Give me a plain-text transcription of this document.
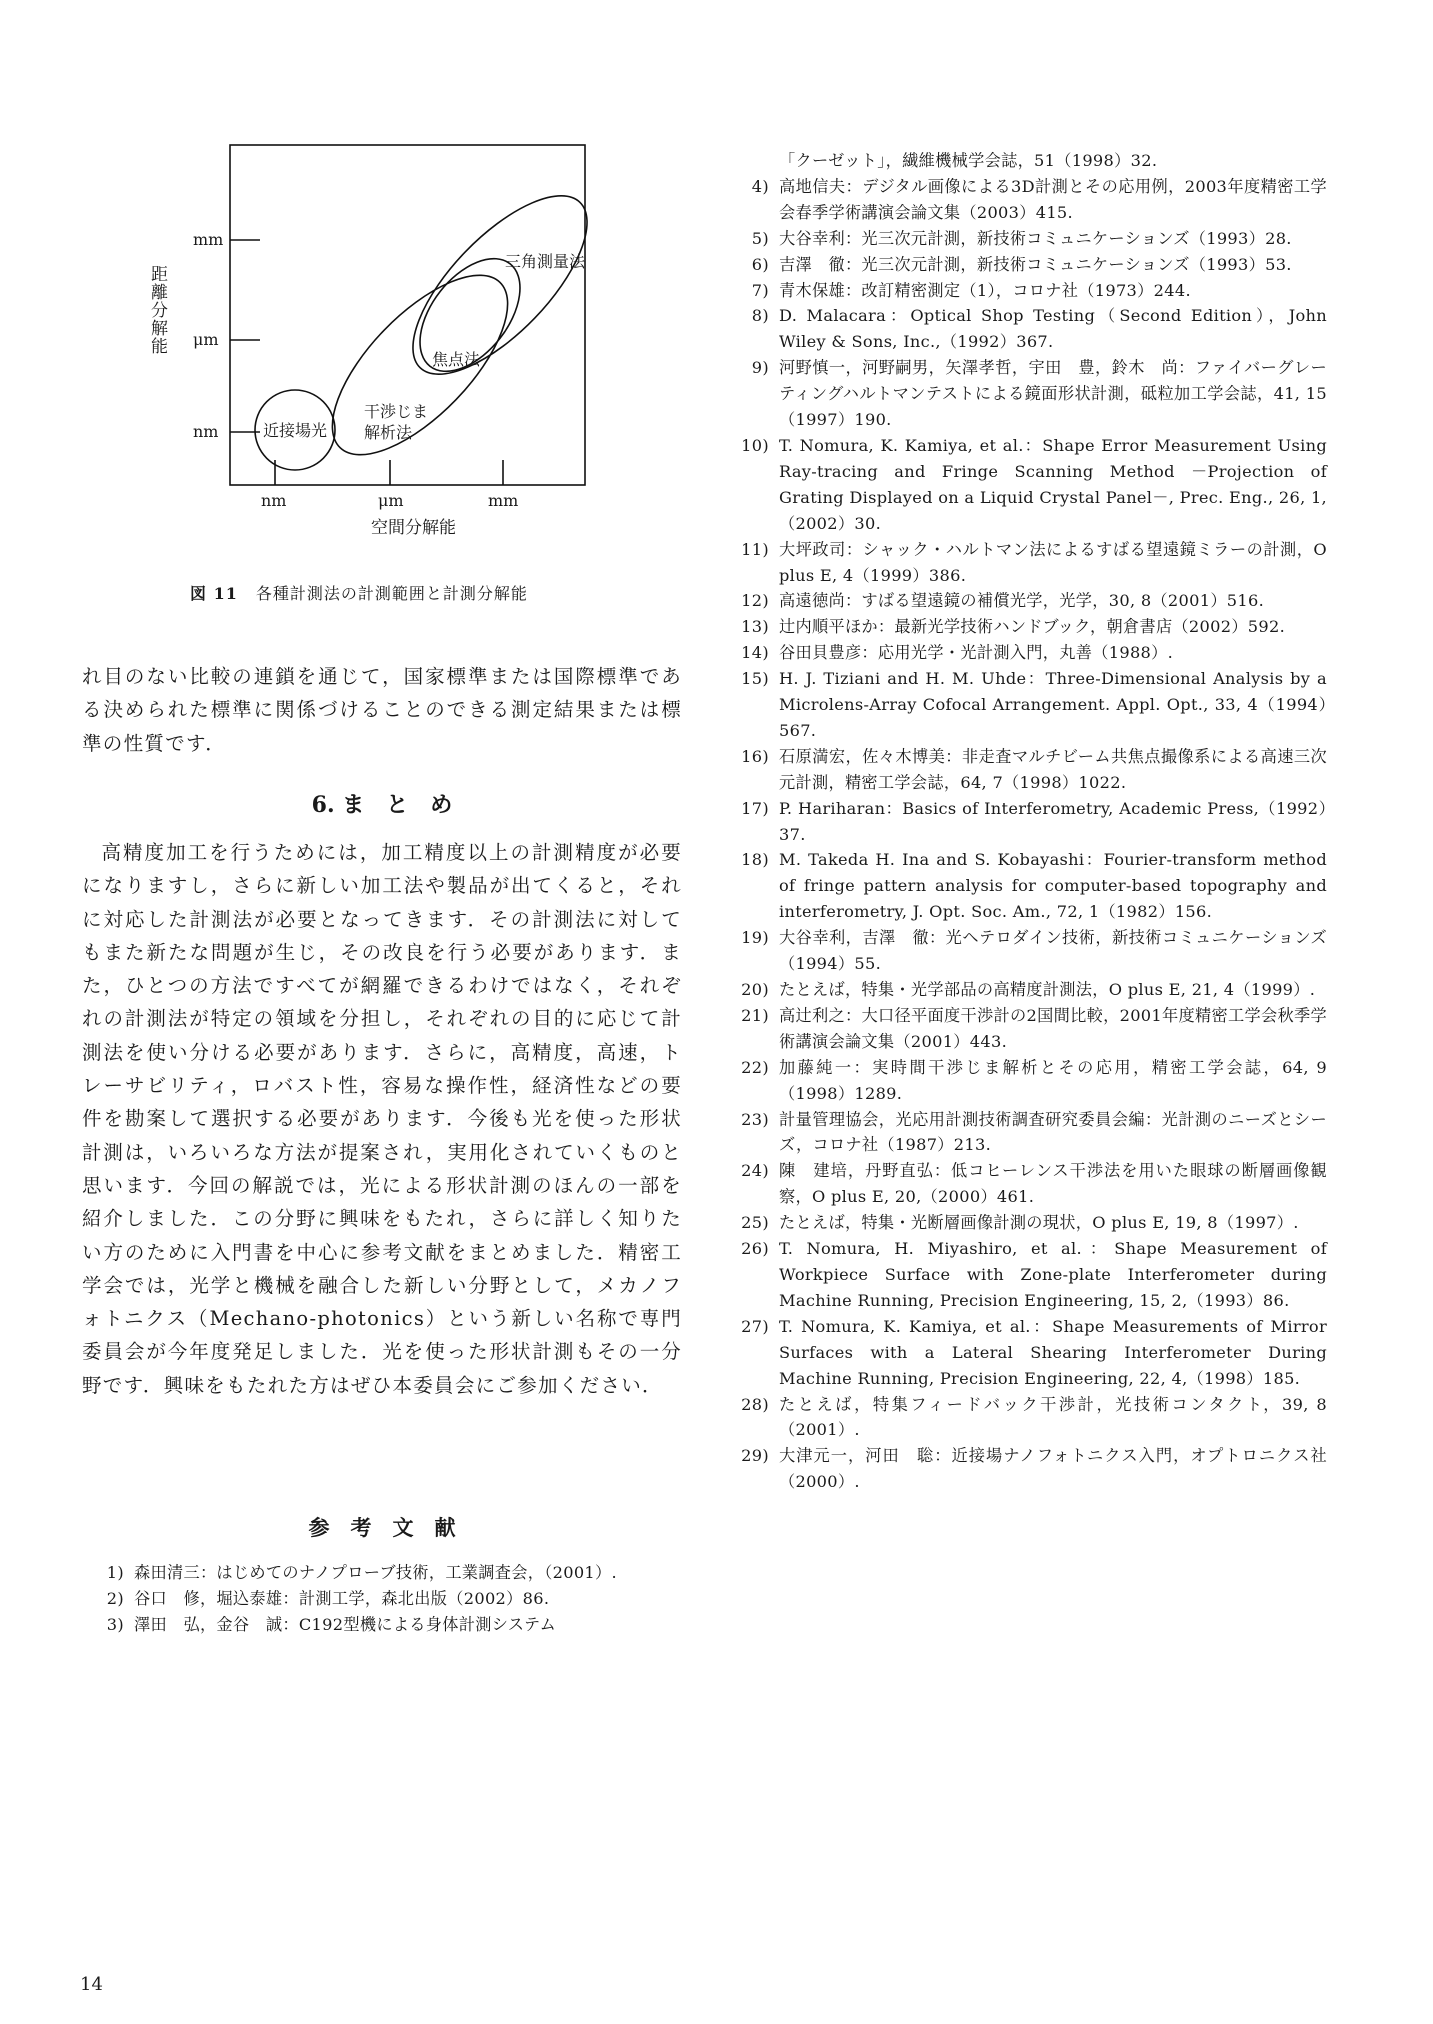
距離分解能
mm
μm
nm
nm	μm	mm
空間分解能
三角測量法
焦点法
干渉じま
解析法
近接場光
図 11 各種計測法の計測範囲と計測分解能

れ目のない比較の連鎖を通じて，国家標準または国際標準である決められた標準に関係づけることのできる測定結果または標準の性質です．

6. ま　と　め

高精度加工を行うためには，加工精度以上の計測精度が必要になりますし，さらに新しい加工法や製品が出てくると，それに対応した計測法が必要となってきます．その計測法に対してもまた新たな問題が生じ，その改良を行う必要があります．また，ひとつの方法ですべてが網羅できるわけではなく，それぞれの計測法が特定の領域を分担し，それぞれの目的に応じて計測法を使い分ける必要があります．さらに，高精度，高速，トレーサビリティ，ロバスト性，容易な操作性，経済性などの要件を勘案して選択する必要があります．今後も光を使った形状計測は，いろいろな方法が提案され，実用化されていくものと思います．今回の解説では，光による形状計測のほんの一部を紹介しました．この分野に興味をもたれ，さらに詳しく知りたい方のために入門書を中心に参考文献をまとめました．精密工学会では，光学と機械を融合した新しい分野として，メカノフォトニクス（Mechano-photonics）という新しい名称で専門委員会が今年度発足しました．光を使った形状計測もその一分野です．興味をもたれた方はぜひ本委員会にご参加ください．

参　考　文　献
1) 森田清三：はじめてのナノプローブ技術，工業調査会，（2001）.
2) 谷口　修，堀込泰雄：計測工学，森北出版（2002）86.
3) 澤田　弘，金谷　誠：C192型機による身体計測システム
「クーゼット」，繊維機械学会誌，51（1998）32.
4) 高地信夫：デジタル画像による3D計測とその応用例，2003年度精密工学会春季学術講演会論文集（2003）415.
5) 大谷幸利：光三次元計測，新技術コミュニケーションズ（1993）28.
6) 吉澤　徹：光三次元計測，新技術コミュニケーションズ（1993）53.
7) 青木保雄：改訂精密測定（1），コロナ社（1973）244.
8) D. Malacara：Optical Shop Testing（Second Edition），John Wiley & Sons, Inc.,（1992）367.
9) 河野慎一，河野嗣男，矢澤孝哲，宇田　豊，鈴木　尚：ファイバーグレーティングハルトマンテストによる鏡面形状計測，砥粒加工学会誌，41, 15（1997）190.
10) T. Nomura, K. Kamiya, et al.：Shape Error Measurement Using Ray-tracing and Fringe Scanning Method －Projection of Grating Displayed on a Liquid Crystal Panel－, Prec. Eng., 26, 1,（2002）30.
11) 大坪政司：シャック・ハルトマン法によるすばる望遠鏡ミラーの計測，O plus E, 4（1999）386.
12) 高遠徳尚：すばる望遠鏡の補償光学，光学，30, 8（2001）516.
13) 辻内順平ほか：最新光学技術ハンドブック，朝倉書店（2002）592.
14) 谷田貝豊彦：応用光学・光計測入門，丸善（1988）.
15) H. J. Tiziani and H. M. Uhde：Three-Dimensional Analysis by a Microlens-Array Cofocal Arrangement. Appl. Opt., 33, 4（1994）567.
16) 石原満宏，佐々木博美：非走査マルチビーム共焦点撮像系による高速三次元計測，精密工学会誌，64, 7（1998）1022.
17) P. Hariharan：Basics of Interferometry, Academic Press,（1992）37.
18) M. Takeda H. Ina and S. Kobayashi：Fourier-transform method of fringe pattern analysis for computer-based topography and interferometry, J. Opt. Soc. Am., 72, 1（1982）156.
19) 大谷幸利，吉澤　徹：光ヘテロダイン技術，新技術コミュニケーションズ（1994）55.
20) たとえば，特集・光学部品の高精度計測法，O plus E, 21, 4（1999）.
21) 高辻利之：大口径平面度干渉計の2国間比較，2001年度精密工学会秋季学術講演会論文集（2001）443.
22) 加藤純一：実時間干渉じま解析とその応用，精密工学会誌，64, 9（1998）1289.
23) 計量管理協会，光応用計測技術調査研究委員会編：光計測のニーズとシーズ，コロナ社（1987）213.
24) 陳　建培，丹野直弘：低コヒーレンス干渉法を用いた眼球の断層画像観察，O plus E, 20,（2000）461.
25) たとえば，特集・光断層画像計測の現状，O plus E, 19, 8（1997）.
26) T. Nomura, H. Miyashiro, et al.：Shape Measurement of Workpiece Surface with Zone-plate Interferometer during Machine Running, Precision Engineering, 15, 2,（1993）86.
27) T. Nomura, K. Kamiya, et al.：Shape Measurements of Mirror Surfaces with a Lateral Shearing Interferometer During Machine Running, Precision Engineering, 22, 4,（1998）185.
28) たとえば，特集フィードバック干渉計，光技術コンタクト，39, 8（2001）.
29) 大津元一，河田　聡：近接場ナノフォトニクス入門，オプトロニクス社（2000）.
14
